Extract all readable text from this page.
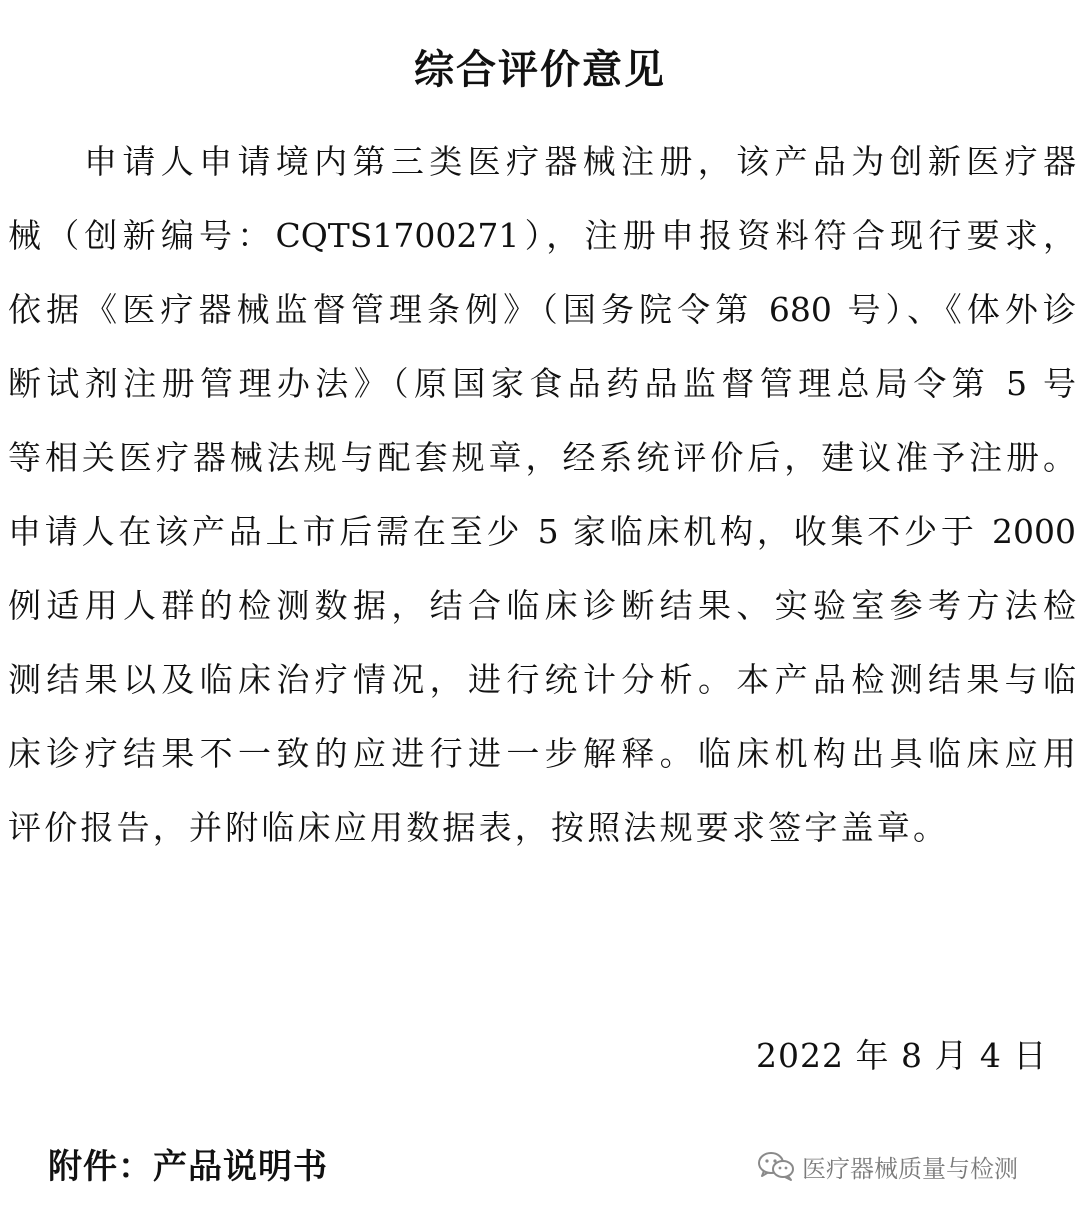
综合评价意见

申请人申请境内第三类医疗器械注册，该产品为创新医疗器

械（创新编号：CQTS1700271），注册申报资料符合现行要求，

依据《医疗器械监督管理条例》（国务院令第 680 号）、《体外诊

断试剂注册管理办法》（原国家食品药品监督管理总局令第 5 号

等相关医疗器械法规与配套规章，经系统评价后，建议准予注册。

申请人在该产品上市后需在至少 5 家临床机构，收集不少于 2000

例适用人群的检测数据，结合临床诊断结果、实验室参考方法检

测结果以及临床治疗情况，进行统计分析。本产品检测结果与临

床诊疗结果不一致的应进行进一步解释。临床机构出具临床应用

评价报告，并附临床应用数据表，按照法规要求签字盖章。

2022 年 8 月 4 日
附件：产品说明书	医疗器械质量与检测
